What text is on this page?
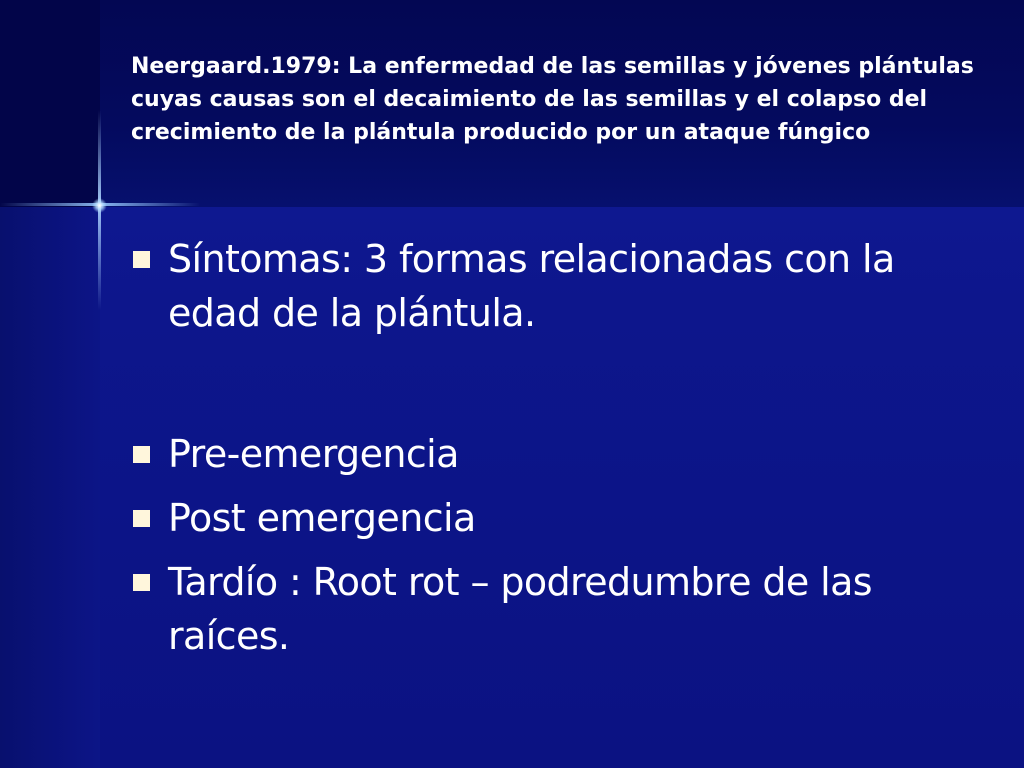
Neergaard.1979: La enfermedad de las semillas y jóvenes plántulas cuyas causas son el decaimiento de las semillas y el colapso del crecimiento de la plántula producido por un ataque fúngico

Síntomas: 3 formas relacionadas con la edad de la plántula.
Pre-emergencia
Post emergencia
Tardío : Root rot – podredumbre de las raíces.
